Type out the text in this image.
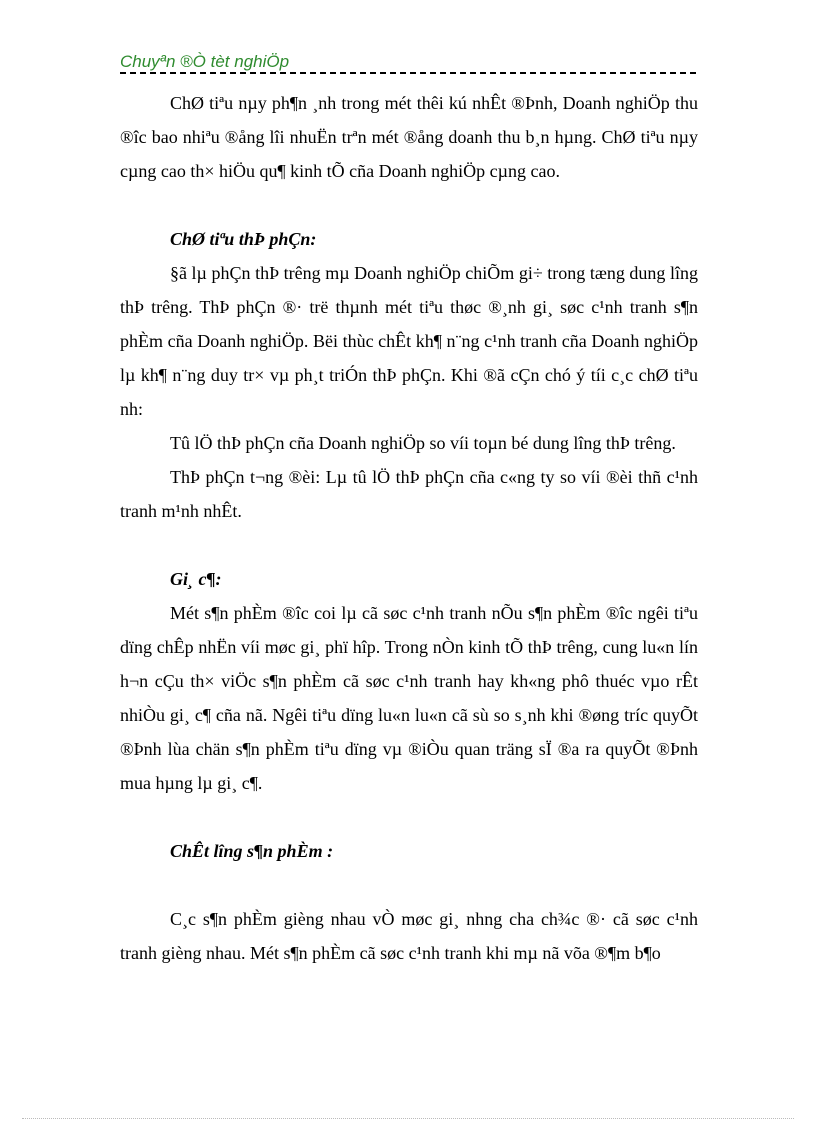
Chuyªn ®Ò tèt nghiÖp

ChØ tiªu nµy ph¶n ¸nh trong mét thêi kú nhÊt ®Þnh, Doanh nghiÖp thu ®îc bao nhiªu ®ång lîi nhuËn trªn mét ®ång doanh thu b¸n hµng. ChØ tiªu nµy cµng cao th× hiÖu qu¶ kinh tÕ cña Doanh nghiÖp cµng cao.

ChØ tiªu thÞ phÇn:

§ã lµ phÇn thÞ trêng mµ Doanh nghiÖp chiÕm gi÷ trong tæng dung lîng thÞ trêng. ThÞ phÇn ®· trë thµnh mét tiªu thøc ®¸nh gi¸ søc c¹nh tranh s¶n phÈm cña Doanh nghiÖp. Bëi thùc chÊt kh¶ n¨ng c¹nh tranh cña Doanh nghiÖp lµ kh¶ n¨ng duy tr× vµ ph¸t triÓn thÞ phÇn. Khi ®ã cÇn chó ý tíi c¸c chØ tiªu nh:

Tû lÖ thÞ phÇn cña Doanh nghiÖp so víi toµn bé dung lîng thÞ trêng.

ThÞ phÇn t¬ng ®èi: Lµ tû lÖ thÞ phÇn cña c«ng ty so víi ®èi thñ c¹nh tranh m¹nh nhÊt.

Gi¸ c¶:

Mét s¶n phÈm ®îc coi lµ cã søc c¹nh tranh nÕu s¶n phÈm ®îc ngêi tiªu dïng chÊp nhËn víi møc gi¸ phï hîp. Trong nÒn kinh tÕ thÞ trêng, cung lu«n lín h¬n cÇu th× viÖc s¶n phÈm cã søc c¹nh tranh hay kh«ng phô thuéc vµo rÊt nhiÒu gi¸ c¶ cña nã. Ngêi tiªu dïng lu«n lu«n cã sù so s¸nh khi ®øng tríc quyÕt ®Þnh lùa chän s¶n phÈm tiªu dïng vµ ®iÒu quan träng sÏ ®a ra quyÕt ®Þnh mua hµng lµ gi¸ c¶.

ChÊt lîng s¶n phÈm :

C¸c s¶n phÈm gièng nhau vÒ møc gi¸ nhng cha ch¾c ®· cã søc c¹nh tranh gièng nhau. Mét s¶n phÈm cã søc c¹nh tranh khi mµ nã võa ®¶m b¶o
